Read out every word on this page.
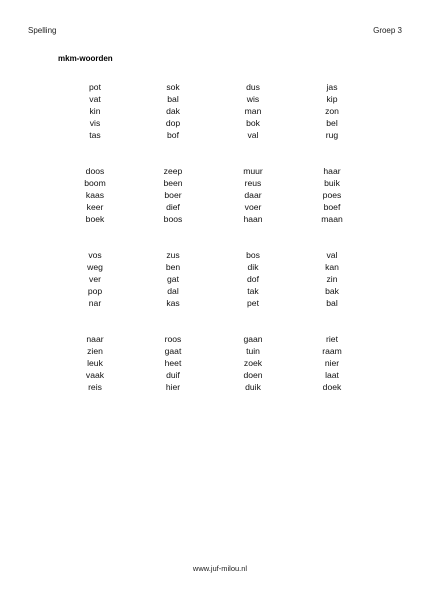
Spelling	Groep 3
mkm-woorden
pot	sok	dus	jas
vat	bal	wis	kip
kin	dak	man	zon
vis	dop	bok	bel
tas	bof	val	rug
doos	zeep	muur	haar
boom	been	reus	buik
kaas	boer	daar	poes
keer	dief	voer	boef
boek	boos	haan	maan
vos	zus	bos	val
weg	ben	dik	kan
ver	gat	dof	zin
pop	dal	tak	bak
nar	kas	pet	bal
naar	roos	gaan	riet
zien	gaat	tuin	raam
leuk	heet	zoek	nier
vaak	duif	doen	laat
reis	hier	duik	doek
www.juf-milou.nl
